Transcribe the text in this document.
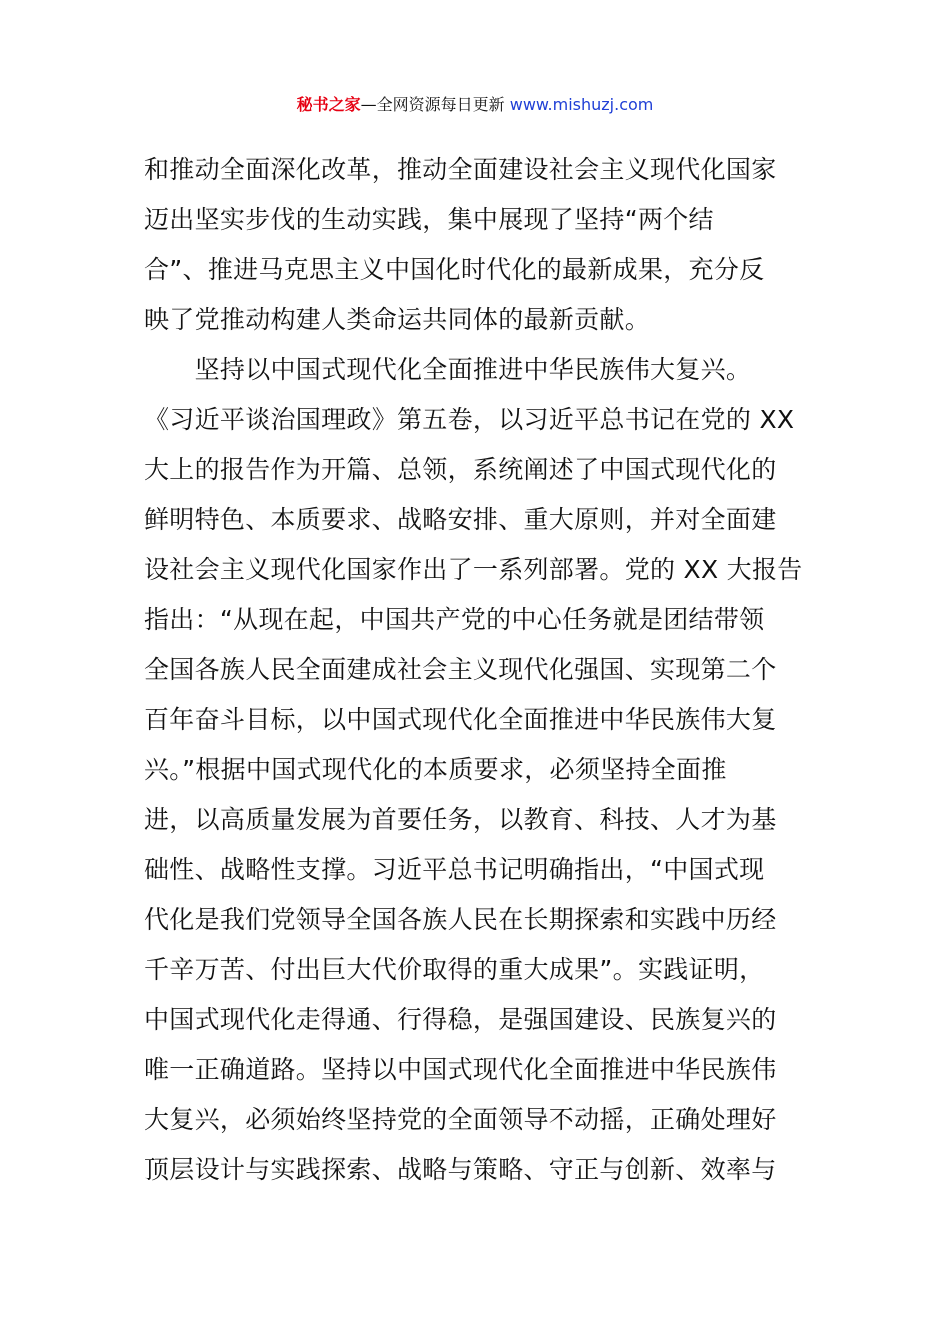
秘书之家—全网资源每日更新 www.mishuzj.com
和推动全面深化改革，推动全面建设社会主义现代化国家
迈出坚实步伐的生动实践，集中展现了坚持“两个结
合”、推进马克思主义中国化时代化的最新成果，充分反
映了党推动构建人类命运共同体的最新贡献。
　　坚持以中国式现代化全面推进中华民族伟大复兴。
《习近平谈治国理政》第五卷，以习近平总书记在党的 XX
大上的报告作为开篇、总领，系统阐述了中国式现代化的
鲜明特色、本质要求、战略安排、重大原则，并对全面建
设社会主义现代化国家作出了一系列部署。党的 XX 大报告
指出：“从现在起，中国共产党的中心任务就是团结带领
全国各族人民全面建成社会主义现代化强国、实现第二个
百年奋斗目标，以中国式现代化全面推进中华民族伟大复
兴。”根据中国式现代化的本质要求，必须坚持全面推
进，以高质量发展为首要任务，以教育、科技、人才为基
础性、战略性支撑。习近平总书记明确指出，“中国式现
代化是我们党领导全国各族人民在长期探索和实践中历经
千辛万苦、付出巨大代价取得的重大成果”。实践证明，
中国式现代化走得通、行得稳，是强国建设、民族复兴的
唯一正确道路。坚持以中国式现代化全面推进中华民族伟
大复兴，必须始终坚持党的全面领导不动摇，正确处理好
顶层设计与实践探索、战略与策略、守正与创新、效率与
